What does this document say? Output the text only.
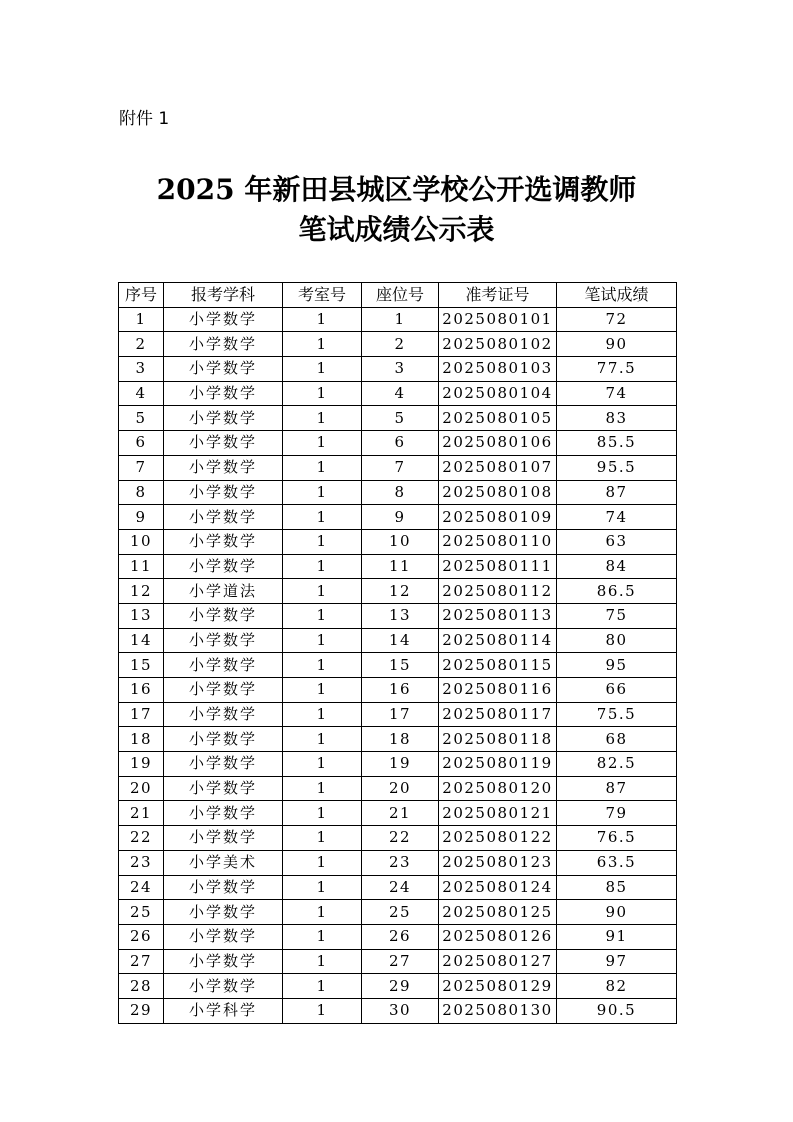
附件 1
2025 年新田县城区学校公开选调教师
笔试成绩公示表
序号	报考学科	考室号	座位号	准考证号	笔试成绩
1	小学数学	1	1	2025080101	72
2	小学数学	1	2	2025080102	90
3	小学数学	1	3	2025080103	77.5
4	小学数学	1	4	2025080104	74
5	小学数学	1	5	2025080105	83
6	小学数学	1	6	2025080106	85.5
7	小学数学	1	7	2025080107	95.5
8	小学数学	1	8	2025080108	87
9	小学数学	1	9	2025080109	74
10	小学数学	1	10	2025080110	63
11	小学数学	1	11	2025080111	84
12	小学道法	1	12	2025080112	86.5
13	小学数学	1	13	2025080113	75
14	小学数学	1	14	2025080114	80
15	小学数学	1	15	2025080115	95
16	小学数学	1	16	2025080116	66
17	小学数学	1	17	2025080117	75.5
18	小学数学	1	18	2025080118	68
19	小学数学	1	19	2025080119	82.5
20	小学数学	1	20	2025080120	87
21	小学数学	1	21	2025080121	79
22	小学数学	1	22	2025080122	76.5
23	小学美术	1	23	2025080123	63.5
24	小学数学	1	24	2025080124	85
25	小学数学	1	25	2025080125	90
26	小学数学	1	26	2025080126	91
27	小学数学	1	27	2025080127	97
28	小学数学	1	29	2025080129	82
29	小学科学	1	30	2025080130	90.5
